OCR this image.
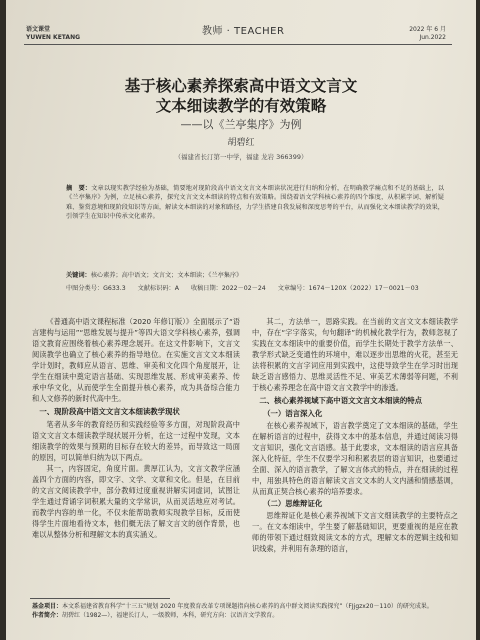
语文课堂
YUWEN KETANG
教师 · TEACHER	2022 年 6 月
Jun.2022
基于核心素养探索高中语文文言文
文本细读教学的有效策略
——以《兰亭集序》为例
胡碧红
（福建省长汀第一中学，福建 龙岩 366399）
摘　要：文章以现实教学经验为基础，简要地对现阶段高中语文文言文本细读状况进行归纳和分析，在明确教学痛点和不足的基础上，以《兰亭集序》为例，立足核心素养，探究文言文文本细读的特点和有效策略。围绕着语文学科核心素养的四个维度，从积累字词、解析疑难、鉴赏意境和现阶段知识等方面，解读文本细读的对象和路径，力学生搭建自我发展和深度思考的平台，从而强化文本细读教学的效果，引领学生在知识中传承文化素养。
关键词：核心素养；高中语文；文言文；文本细读；《兰亭集序》
中图分类号：G633.3 文献标识码：A 收稿日期：2022－02－24 文章编号：1674－120X（2022）17－0021－03

《普通高中语文课程标准（2020 年修订版）》全面展示了“语言建构与运用”“思维发展与提升”等四大语文学科核心素养，强调语文教育应围绕着核心素养理念展开。在这文件影响下，文言文阅读教学也确立了核心素养的指导地位。在实施文言文文本细读学计划时，教师应从语言、思维、审美和文化四个角度展开，让学生在细读中奠定语言基础、实现思维发展、形成审美素养、传承中华文化，从而使学生全面提升核心素养，成为具备综合能力和人文修养的新时代高中生。

一、现阶段高中语文文言文本细读教学现状

笔者从多年的教育经历和实践经验等多方面，对现阶段高中语文文言文本细读教学现状展开分析，在这一过程中发现，文本细读教学的效果与预期的目标存在较大的差异，而导致这一局面的原因，可以简单归纳为以下两点。

其一，内容固定，角度片面。黄厚江认为，文言文教学应涵盖四个方面的内容，即文字、文学、文章和文化。但是，在目前的文言文阅读教学中，部分教师过度重视讲解实词虚词，试图让学生通过背诵字词积累大量的文学常识，从而灵活地应对考试。而教学内容的单一化，不仅未能帮助教师实现教学目标，反而使得学生片面地看待文本，他们概无法了解文言文的创作背景，也难以从整体分析和理解文本的真实涵义。

其二，方法单一，思路实践。在当前的文言文文本细读教学中，存在“字字落实，句句翻译”的机械化教学行为，教师忽视了实践在文本细读中的重要价值，而学生长期处于教学方法单一、教学形式缺乏变通性的环境中，难以逐步出思维的火花，甚至无法将积累的文言字词应用到实践中，这使导致学生在学习时出现缺乏语言感悟力、思维灵活性不足、审美艺术薄弱等问题，不利于核心素养理念在高中语文言文教学中的渗透。

二、核心素养视域下高中语文文言文本细读的特点
（一）语言深入化

在核心素养视域下，语言教学奠定了文本细读的基础，学生在解析语言的过程中，获得文本中的基本信息，并通过阅读习得文言知识，强化文言语感。基于此要求，文本细读的语言应具备深入化特征，学生不仅要学习和积累表层的语言知识，也要通过全面、深入的语言教学，了解文言体式的特点，并在细读的过程中，用独具特色的语言解读文言文文本的人文内涵和情感基调，从而真正契合核心素养的培养要求。

（二）思维辩证化

思维辩证化是核心素养视域下文言文细读教学的主要特点之一。在文本细读中，学生要了解基础知识，更要重视的是应在教师的带领下通过细致阅读文本的方式，理解文本的逻辑主线和知识线索，并利用有条理的语言，

基金项目：本文系福建省教育科学“十三五”规划 2020 年度教育改革专项课题指向核心素养的高中群文阅读实践探究”（FJjgzx20－110）的研究成果。
作者简介：胡碧红（1982—），福建长汀人，一级教师，本科，研究方向：汉语言文学教育。
